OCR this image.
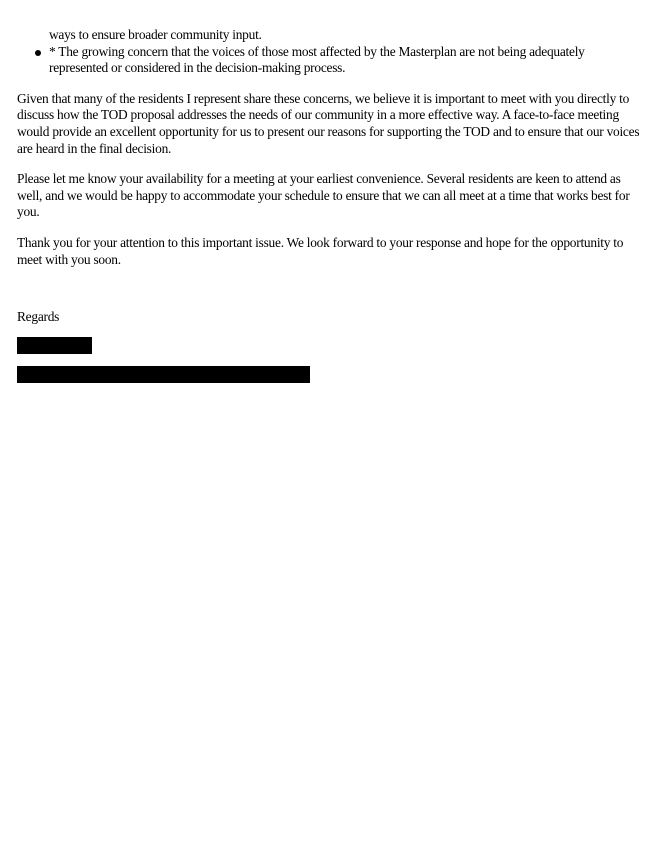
ways to ensure broader community input.
* The growing concern that the voices of those most affected by the Masterplan are not being adequately represented or considered in the decision-making process.

Given that many of the residents I represent share these concerns, we believe it is important to meet with you directly to discuss how the TOD proposal addresses the needs of our community in a more effective way. A face-to-face meeting would provide an excellent opportunity for us to present our reasons for supporting the TOD and to ensure that our voices are heard in the final decision.

Please let me know your availability for a meeting at your earliest convenience. Several residents are keen to attend as well, and we would be happy to accommodate your schedule to ensure that we can all meet at a time that works best for you.

Thank you for your attention to this important issue. We look forward to your response and hope for the opportunity to meet with you soon.

Regards
